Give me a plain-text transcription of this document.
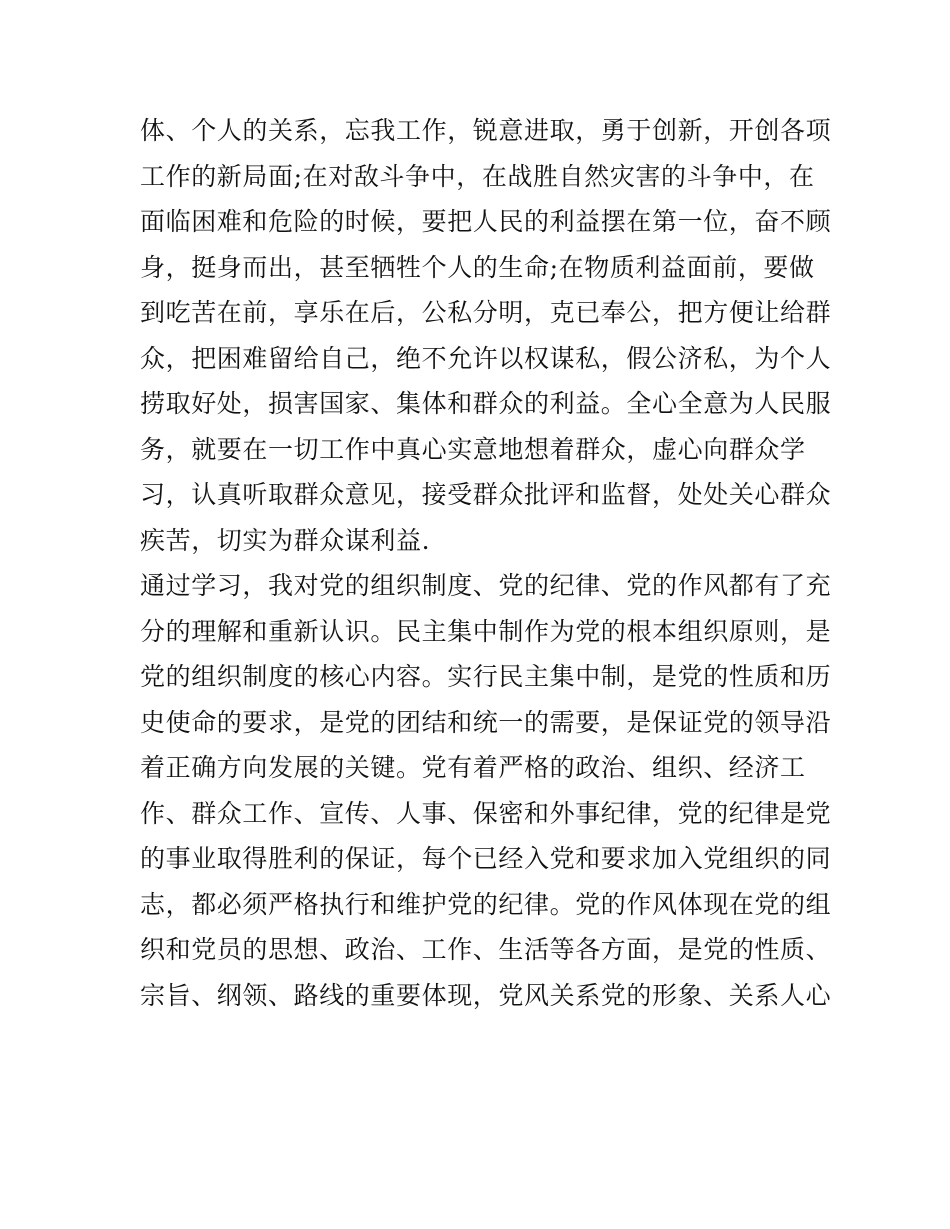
体、个人的关系，忘我工作，锐意进取，勇于创新，开创各项
工作的新局面;在对敌斗争中，在战胜自然灾害的斗争中，在
面临困难和危险的时候，要把人民的利益摆在第一位，奋不顾
身，挺身而出，甚至牺牲个人的生命;在物质利益面前，要做
到吃苦在前，享乐在后，公私分明，克已奉公，把方便让给群
众，把困难留给自己，绝不允许以权谋私，假公济私，为个人
捞取好处，损害国家、集体和群众的利益。全心全意为人民服
务，就要在一切工作中真心实意地想着群众，虚心向群众学
习，认真听取群众意见，接受群众批评和监督，处处关心群众
疾苦，切实为群众谋利益.
通过学习，我对党的组织制度、党的纪律、党的作风都有了充
分的理解和重新认识。民主集中制作为党的根本组织原则，是
党的组织制度的核心内容。实行民主集中制，是党的性质和历
史使命的要求，是党的团结和统一的需要，是保证党的领导沿
着正确方向发展的关键。党有着严格的政治、组织、经济工
作、群众工作、宣传、人事、保密和外事纪律，党的纪律是党
的事业取得胜利的保证，每个已经入党和要求加入党组织的同
志，都必须严格执行和维护党的纪律。党的作风体现在党的组
织和党员的思想、政治、工作、生活等各方面，是党的性质、
宗旨、纲领、路线的重要体现，党风关系党的形象、关系人心
